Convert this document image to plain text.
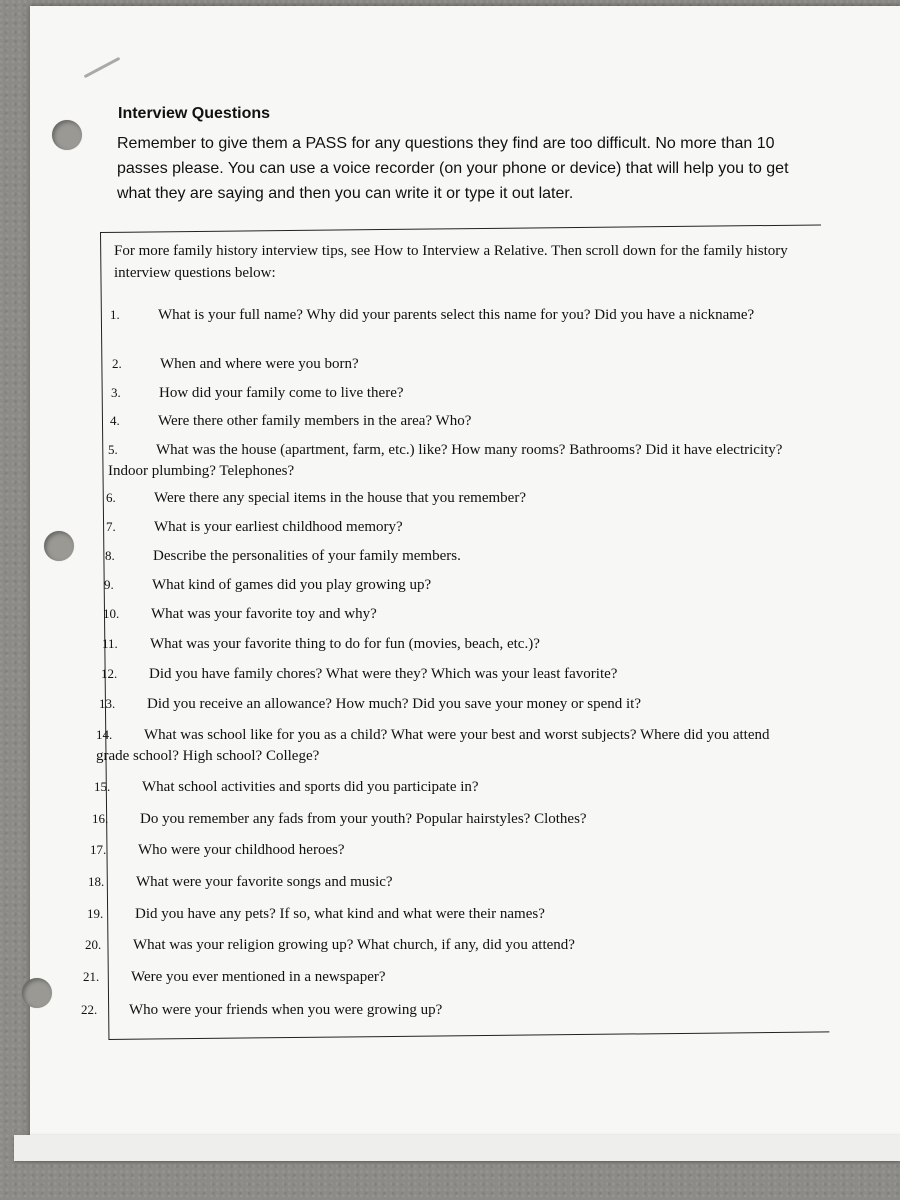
Interview Questions
Remember to give them a PASS for any questions they find are too difficult. No more than 10 passes please. You can use a voice recorder (on your phone or device) that will help you to get what they are saying and then you can write it or type it out later.
For more family history interview tips, see How to Interview a Relative. Then scroll down for the family history interview questions below:
1.	What is your full name? Why did your parents select this name for you? Did you have a nickname?
2.	When and where were you born?
3.	How did your family come to live there?
4.	Were there other family members in the area? Who?
5.	What was the house (apartment, farm, etc.) like? How many rooms? Bathrooms? Did it have electricity? Indoor plumbing? Telephones?
6.	Were there any special items in the house that you remember?
7.	What is your earliest childhood memory?
8.	Describe the personalities of your family members.
9.	What kind of games did you play growing up?
10. What was your favorite toy and why?
11. What was your favorite thing to do for fun (movies, beach, etc.)?
12. Did you have family chores? What were they? Which was your least favorite?
13. Did you receive an allowance? How much? Did you save your money or spend it?
14. What was school like for you as a child? What were your best and worst subjects? Where did you attend grade school? High school? College?
15. What school activities and sports did you participate in?
16. Do you remember any fads from your youth? Popular hairstyles? Clothes?
17. Who were your childhood heroes?
18. What were your favorite songs and music?
19. Did you have any pets? If so, what kind and what were their names?
20. What was your religion growing up? What church, if any, did you attend?
21. Were you ever mentioned in a newspaper?
22. Who were your friends when you were growing up?
